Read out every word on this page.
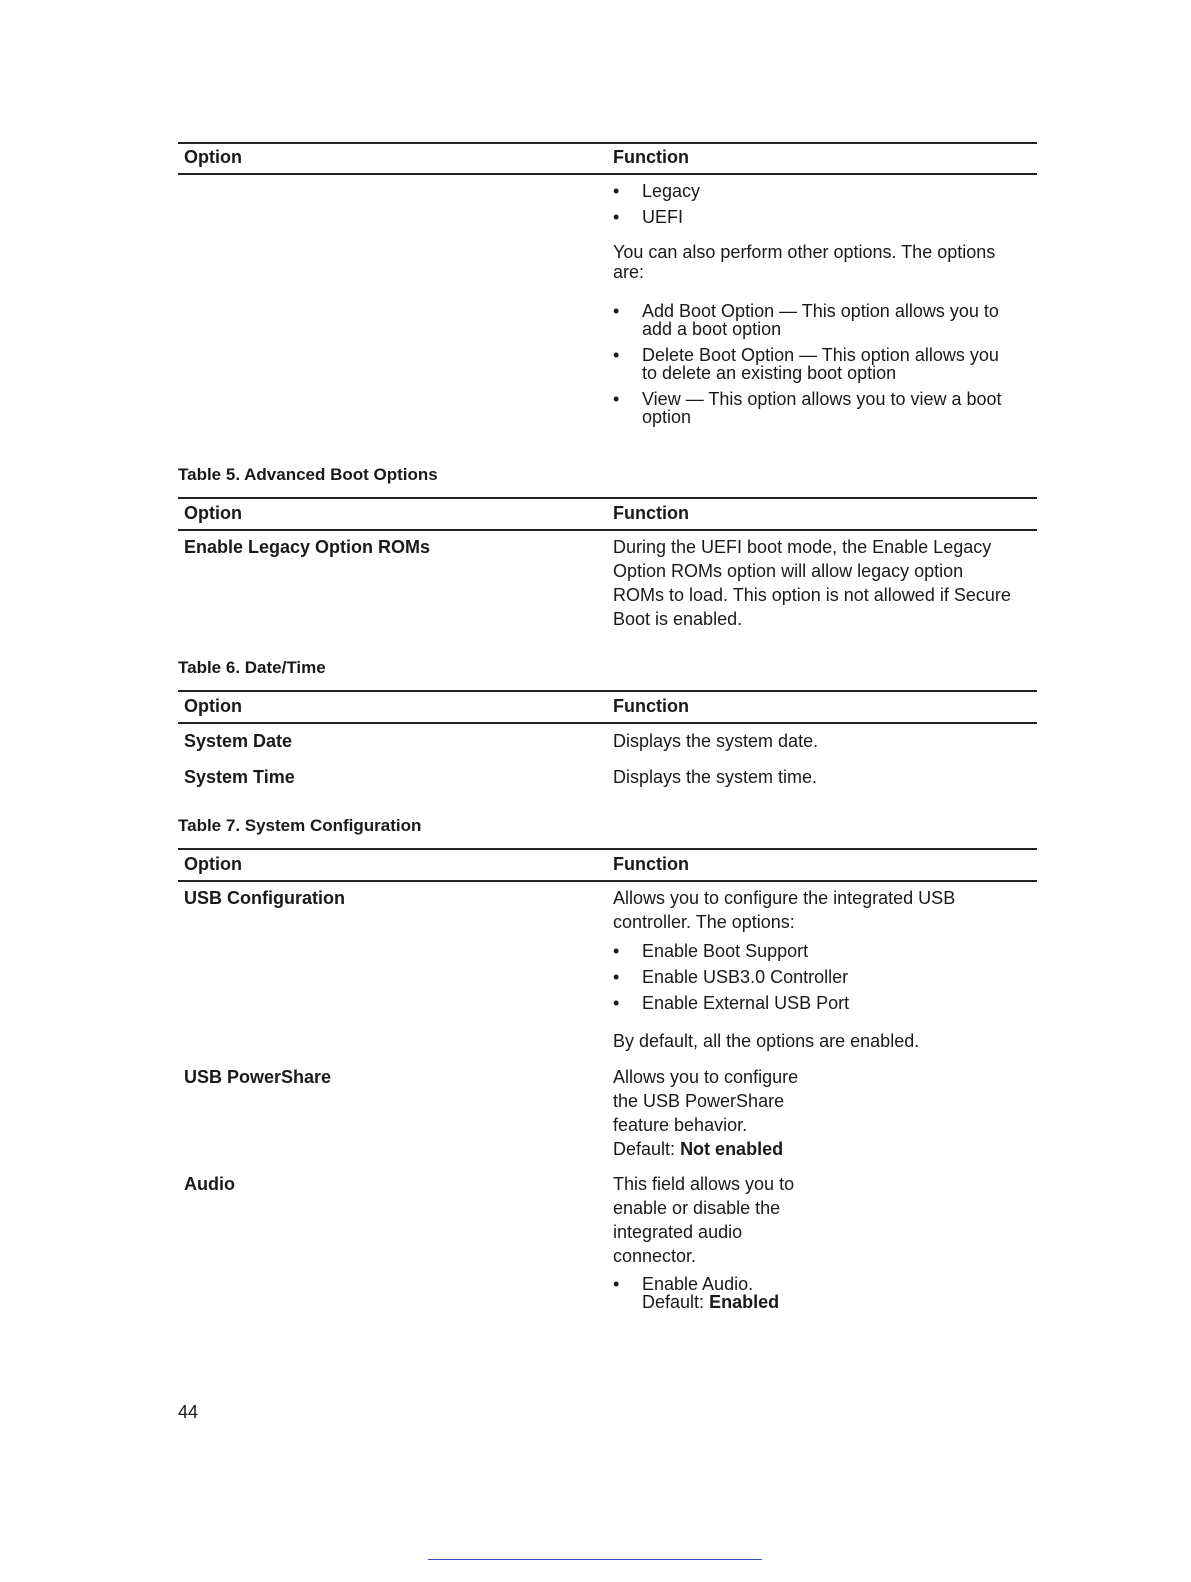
Option	Function
• Legacy
• UEFI
You can also perform other options. The options are:
• Add Boot Option — This option allows you to
add a boot option
• Delete Boot Option — This option allows you
to delete an existing boot option
• View — This option allows you to view a boot
option
Table 5. Advanced Boot Options
Option	Function
Enable Legacy Option ROMs	During the UEFI boot mode, the Enable Legacy
Option ROMs option will allow legacy option
ROMs to load. This option is not allowed if Secure
Boot is enabled.
Table 6. Date/Time
Option	Function
System Date	Displays the system date.
System Time	Displays the system time.
Table 7. System Configuration
Option	Function
USB Configuration	Allows you to configure the integrated USB
controller. The options:
• Enable Boot Support
• Enable USB3.0 Controller
• Enable External USB Port
By default, all the options are enabled.
USB PowerShare	Allows you to configure
the USB PowerShare
feature behavior.
Default: Not enabled
Audio	This field allows you to
enable or disable the
integrated audio
connector.
• Enable Audio.
Default: Enabled
44
